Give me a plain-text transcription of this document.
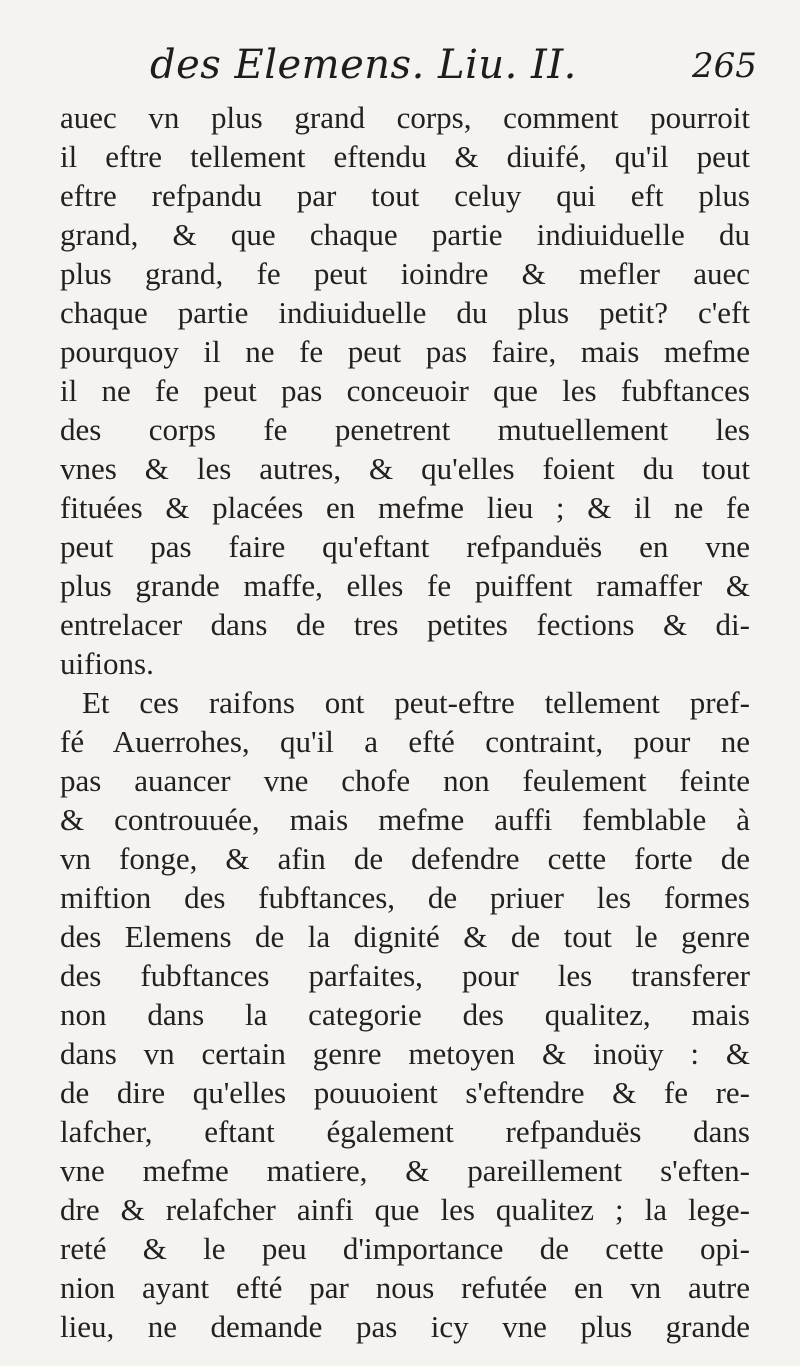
des Elemens. Liu. II.	265
auec vn plus grand corps, comment pourroit
il eftre tellement eftendu & diuifé, qu'il peut
eftre refpandu par tout celuy qui eft plus
grand, & que chaque partie indiuiduelle du
plus grand, fe peut ioindre & mefler auec
chaque partie indiuiduelle du plus petit? c'eft
pourquoy il ne fe peut pas faire, mais mefme
il ne fe peut pas conceuoir que les fubftances
des corps fe penetrent mutuellement les
vnes & les autres, & qu'elles foient du tout
fituées & placées en mefme lieu ; & il ne fe
peut pas faire qu'eftant refpanduës en vne
plus grande maffe, elles fe puiffent ramaffer &
entrelacer dans de tres petites fections & di-
uifions.
Et ces raifons ont peut-eftre tellement pref-
fé Auerrohes, qu'il a efté contraint, pour ne
pas auancer vne chofe non feulement feinte
& controuuée, mais mefme auffi femblable à
vn fonge, & afin de defendre cette forte de
miftion des fubftances, de priuer les formes
des Elemens de la dignité & de tout le genre
des fubftances parfaites, pour les transferer
non dans la categorie des qualitez, mais
dans vn certain genre metoyen & inoüy : &
de dire qu'elles pouuoient s'eftendre & fe re-
lafcher, eftant également refpanduës dans
vne mefme matiere, & pareillement s'eften-
dre & relafcher ainfi que les qualitez ; la lege-
reté & le peu d'importance de cette opi-
nion ayant efté par nous refutée en vn autre
lieu, ne demande pas icy vne plus grande
